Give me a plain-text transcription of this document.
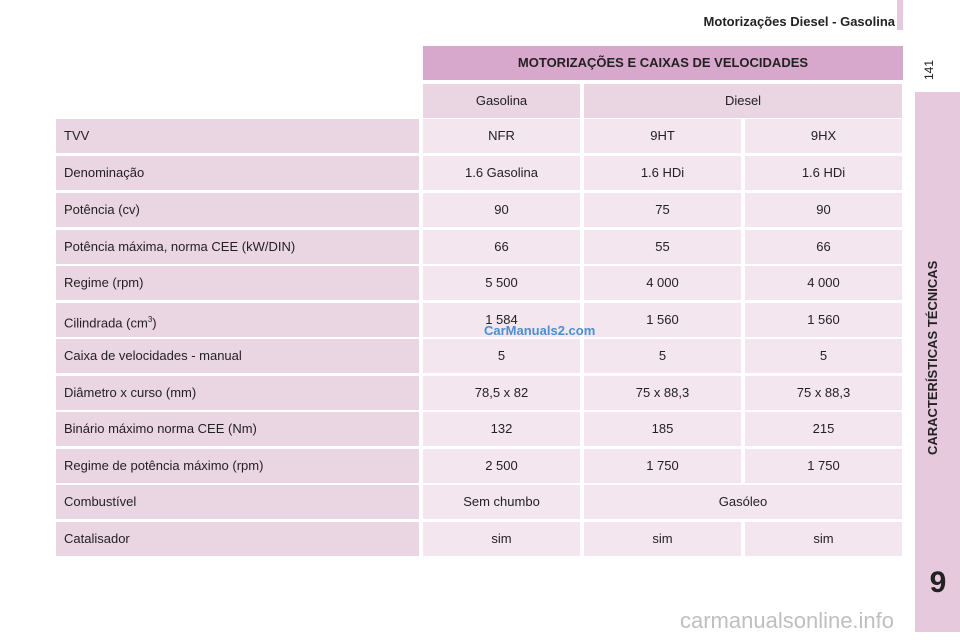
Motorizações Diesel - Gasolina
141
CARACTERÍSTICAS TÉCNICAS
9
MOTORIZAÇÕES E CAIXAS DE VELOCIDADES
Gasolina	Diesel
TVV	NFR	9HT	9HX
Denominação	1.6 Gasolina	1.6 HDi	1.6 HDi
Potência (cv)	90	75	90
Potência máxima, norma CEE (kW/DIN)	66	55	66
Regime (rpm)	5 500	4 000	4 000
Cilindrada $(cm^3)$	1 584	1 560	1 560
Caixa de velocidades - manual	5	5	5
Diâmetro x curso (mm)	78,5 x 82	75 x 88,3	75 x 88,3
Binário máximo norma CEE (Nm)	132	185	215
Regime de potência máximo (rpm)	2 500	1 750	1 750
Combustível	Sem chumbo	Gasóleo
Catalisador	sim	sim	sim
CarManuals2.com
carmanualsonline.info
